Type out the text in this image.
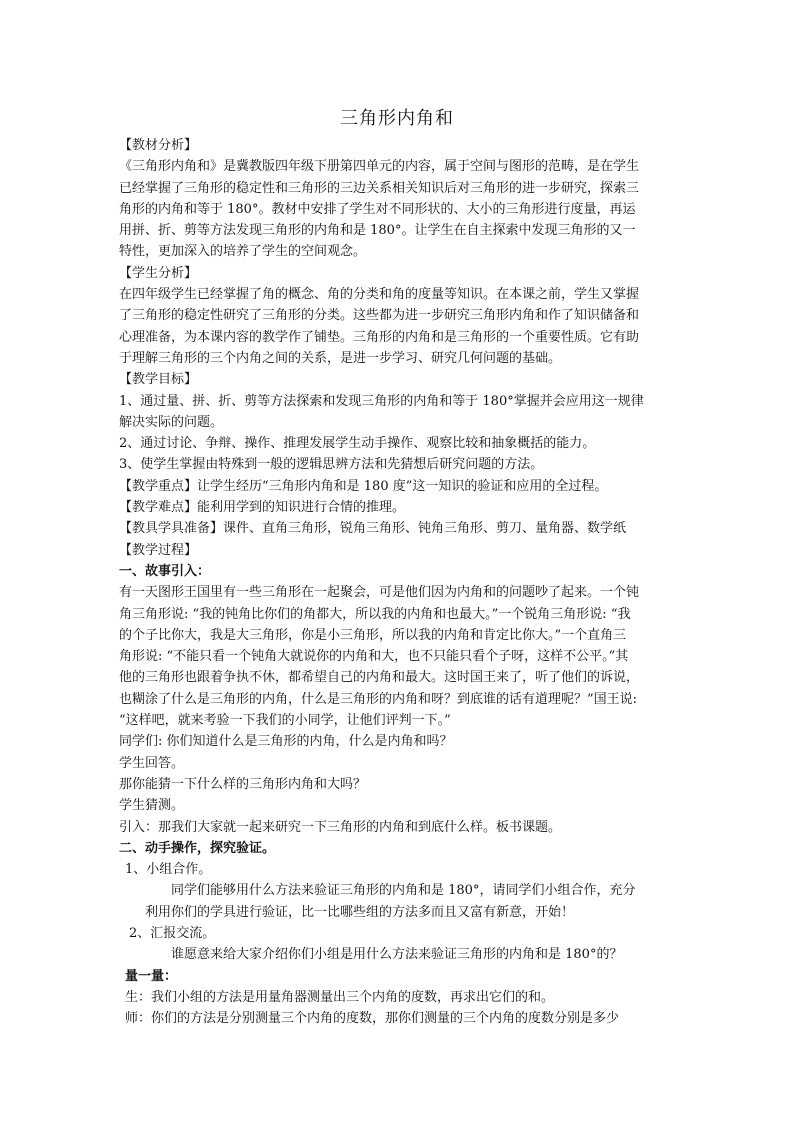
三角形内角和
【教材分析】
《三角形内角和》是冀教版四年级下册第四单元的内容，属于空间与图形的范畴，是在学生
已经掌握了三角形的稳定性和三角形的三边关系相关知识后对三角形的进一步研究，探索三
角形的内角和等于 180°。教材中安排了学生对不同形状的、大小的三角形进行度量，再运
用拼、折、剪等方法发现三角形的内角和是 180°。让学生在自主探索中发现三角形的又一
特性，更加深入的培养了学生的空间观念。
【学生分析】
在四年级学生已经掌握了角的概念、角的分类和角的度量等知识。在本课之前，学生又掌握
了三角形的稳定性研究了三角形的分类。这些都为进一步研究三角形内角和作了知识储备和
心理准备，为本课内容的教学作了铺垫。三角形的内角和是三角形的一个重要性质。它有助
于理解三角形的三个内角之间的关系，是进一步学习、研究几何问题的基础。
【教学目标】
1、通过量、拼、折、剪等方法探索和发现三角形的内角和等于 180°掌握并会应用这一规律
解决实际的问题。
2、通过讨论、争辩、操作、推理发展学生动手操作、观察比较和抽象概括的能力。
3、使学生掌握由特殊到一般的逻辑思辨方法和先猜想后研究问题的方法。
【教学重点】让学生经历“三角形内角和是 180 度”这一知识的验证和应用的全过程。
【教学难点】能利用学到的知识进行合情的推理。
【教具学具准备】课件、直角三角形，锐角三角形、钝角三角形、剪刀、量角器、数学纸
【教学过程】
一、故事引入：
有一天图形王国里有一些三角形在一起聚会，可是他们因为内角和的问题吵了起来。一个钝
角三角形说: “我的钝角比你们的角都大，所以我的内角和也最大。”一个锐角三角形说: “我
的个子比你大，我是大三角形，你是小三角形，所以我的内角和肯定比你大。”一个直角三
角形说: “不能只看一个钝角大就说你的内角和大，也不只能只看个子呀，这样不公平。”其
他的三角形也跟着争执不休，都希望自己的内角和最大。这时国王来了，听了他们的诉说，
也糊涂了什么是三角形的内角，什么是三角形的内角和呀？到底谁的话有道理呢？”国王说:
“这样吧，就来考验一下我们的小同学，让他们评判一下。”
同学们: 你们知道什么是三角形的内角，什么是内角和吗？
学生回答。
那你能猜一下什么样的三角形内角和大吗？
学生猜测。
引入：那我们大家就一起来研究一下三角形的内角和到底什么样。板书课题。
二、动手操作，探究验证。
1、小组合作。
同学们能够用什么方法来验证三角形的内角和是 180°，请同学们小组合作，充分
利用你们的学具进行验证，比一比哪些组的方法多而且又富有新意，开始！
2、汇报交流。
谁愿意来给大家介绍你们小组是用什么方法来验证三角形的内角和是 180°的？
量一量：
生：我们小组的方法是用量角器测量出三个内角的度数，再求出它们的和。
师：你们的方法是分别测量三个内角的度数，那你们测量的三个内角的度数分别是多少
